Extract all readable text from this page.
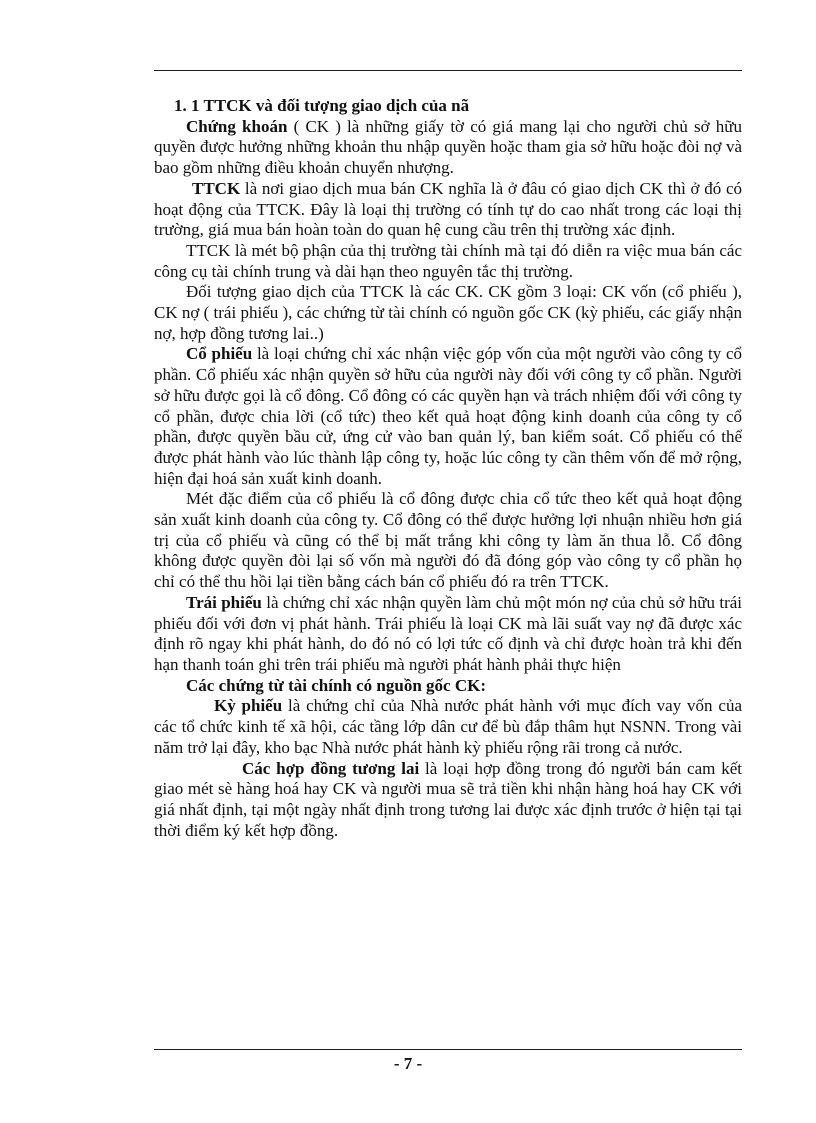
1. 1 TTCK và đối tượng giao dịch của nã

Chứng khoán ( CK ) là những giấy tờ có giá mang lại cho người chủ sở hữu quyền được hưởng những khoản thu nhập quyền hoặc tham gia sở hữu hoặc đòi nợ và bao gồm những điều khoản chuyển nhượng.

TTCK là nơi giao dịch mua bán CK nghĩa là ở đâu có giao dịch CK thì ở đó có hoạt động của TTCK. Đây là loại thị trường có tính tự do cao nhất trong các loại thị trường, giá mua bán hoàn toàn do quan hệ cung cầu trên thị trường xác định.

TTCK là mét bộ phận của thị trường tài chính mà tại đó diễn ra việc mua bán các công cụ tài chính trung và dài hạn theo nguyên tắc thị trường.

Đối tượng giao dịch của TTCK là các CK. CK gồm 3 loại: CK vốn (cổ phiếu ), CK nợ ( trái phiếu ), các chứng từ tài chính có nguồn gốc CK (kỳ phiếu, các giấy nhận nợ, hợp đồng tương lai..)

Cổ phiếu là loại chứng chỉ xác nhận việc góp vốn của một người vào công ty cổ phần. Cổ phiếu xác nhận quyền sở hữu của người này đối với công ty cổ phần. Người sở hữu được gọi là cổ đông. Cổ đông có các quyền hạn và trách nhiệm đối với công ty cổ phần, được chia lời (cổ tức) theo kết quả hoạt động kinh doanh của công ty cổ phần, được quyền bầu cử, ứng cử vào ban quản lý, ban kiểm soát. Cổ phiếu có thể được phát hành vào lúc thành lập công ty, hoặc lúc công ty cần thêm vốn để mở rộng, hiện đại hoá sản xuất kinh doanh.

Mét đặc điểm của cổ phiếu là cổ đông được chia cổ tức theo kết quả hoạt động sản xuất kinh doanh của công ty. Cổ đông có thể được hưởng lợi nhuận nhiều hơn giá trị của cổ phiếu và cũng có thể bị mất trắng khi công ty làm ăn thua lỗ. Cổ đông không được quyền đòi lại số vốn mà người đó đã đóng góp vào công ty cổ phần họ chỉ có thể thu hồi lại tiền bằng cách bán cổ phiếu đó ra trên TTCK.

Trái phiếu là chứng chỉ xác nhận quyền làm chủ một món nợ của chủ sở hữu trái phiếu đối với đơn vị phát hành. Trái phiếu là loại CK mà lãi suất vay nợ đã được xác định rõ ngay khi phát hành, do đó nó có lợi tức cố định và chỉ được hoàn trả khi đến hạn thanh toán ghi trên trái phiếu mà người phát hành phải thực hiện

Các chứng từ tài chính có nguồn gốc CK:

Kỳ phiếu là chứng chỉ của Nhà nước phát hành với mục đích vay vốn của các tổ chức kinh tế xã hội, các tầng lớp dân cư để bù đắp thâm hụt NSNN. Trong vài năm trở lại đây, kho bạc Nhà nước phát hành kỳ phiếu rộng rãi trong cả nước.

Các hợp đồng tương lai là loại hợp đồng trong đó người bán cam kết giao mét sè hàng hoá hay CK và người mua sẽ trả tiền khi nhận hàng hoá hay CK với giá nhất định, tại một ngày nhất định trong tương lai được xác định trước ở hiện tại tại thời điểm ký kết hợp đồng.

- 7 -
